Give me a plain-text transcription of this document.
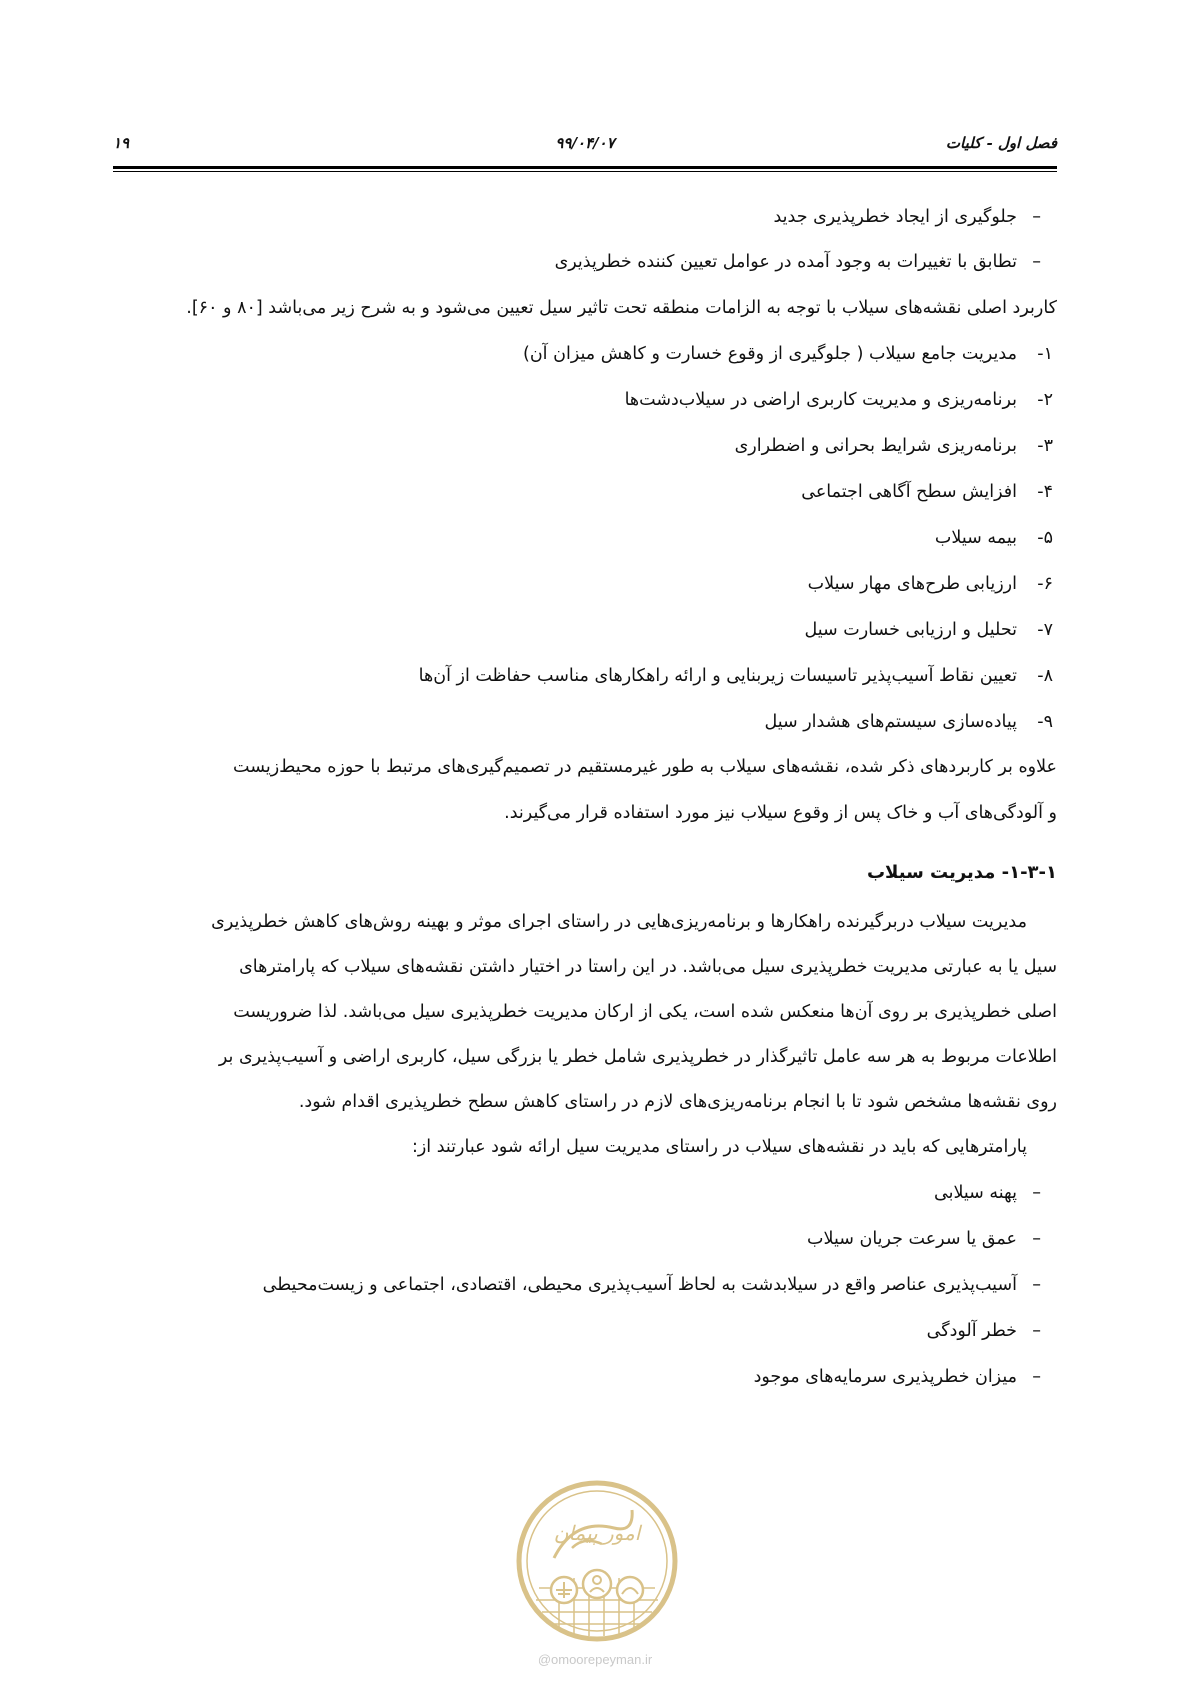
فصل اول - کلیات
۹۹/۰۴/۰۷
۱۹
–
جلوگیری از ایجاد خطرپذیری جدید
–
تطابق با تغییرات به وجود آمده در عوامل تعیین کننده خطرپذیری
کاربرد اصلی نقشه‌های سیلاب با توجه به الزامات منطقه تحت تاثیر سیل تعیین می‌شود و به شرح زیر می‌باشد [۸۰ و ۶۰].
۱-
مدیریت جامع سیلاب ( جلوگیری از وقوع خسارت و کاهش میزان آن)
۲-
برنامه‌ریزی و مدیریت کاربری اراضی در سیلاب‌دشت‌ها
۳-
برنامه‌ریزی شرایط بحرانی و اضطراری
۴-
افزایش سطح آگاهی اجتماعی
۵-
بیمه سیلاب
۶-
ارزیابی طرح‌های مهار سیلاب
۷-
تحلیل و ارزیابی خسارت سیل
۸-
تعیین نقاط آسیب‌پذیر تاسیسات زیربنایی و ارائه راهکارهای مناسب حفاظت از آن‌ها
۹-
پیاده‌سازی سیستم‌های هشدار سیل
علاوه بر کاربردهای ذکر شده، نقشه‌های سیلاب به طور غیرمستقیم در تصمیم‌گیری‌های مرتبط با حوزه محیط‌زیست
و آلودگی‌های آب و خاک پس از وقوع سیلاب نیز مورد استفاده قرار می‌گیرند.
۱-۳-۱- مدیریت سیلاب
مدیریت سیلاب دربرگیرنده راهکارها و برنامه‌ریزی‌هایی در راستای اجرای موثر و بهینه روش‌های کاهش خطرپذیری
سیل یا به عبارتی مدیریت خطرپذیری سیل می‌باشد. در این راستا در اختیار داشتن نقشه‌های سیلاب که پارامترهای
اصلی خطرپذیری بر روی آن‌ها منعکس شده است، یکی از ارکان مدیریت خطرپذیری سیل می‌باشد. لذا ضروریست
اطلاعات مربوط به هر سه عامل تاثیرگذار در خطرپذیری شامل خطر یا بزرگی سیل، کاربری اراضی و آسیب‌پذیری بر
روی نقشه‌ها مشخص شود تا با انجام برنامه‌ریزی‌های لازم در راستای کاهش سطح خطرپذیری اقدام شود.
پارامترهایی که باید در نقشه‌های سیلاب در راستای مدیریت سیل ارائه شود عبارتند از:
–
پهنه سیلابی
–
عمق یا سرعت جریان سیلاب
–
آسیب‌پذیری عناصر واقع در سیلابدشت به لحاظ آسیب‌پذیری محیطی، اقتصادی، اجتماعی و زیست‌محیطی
–
خطر آلودگی
–
میزان خطرپذیری سرمایه‌های موجود
امور پیمان
@omoorepeyman.ir
